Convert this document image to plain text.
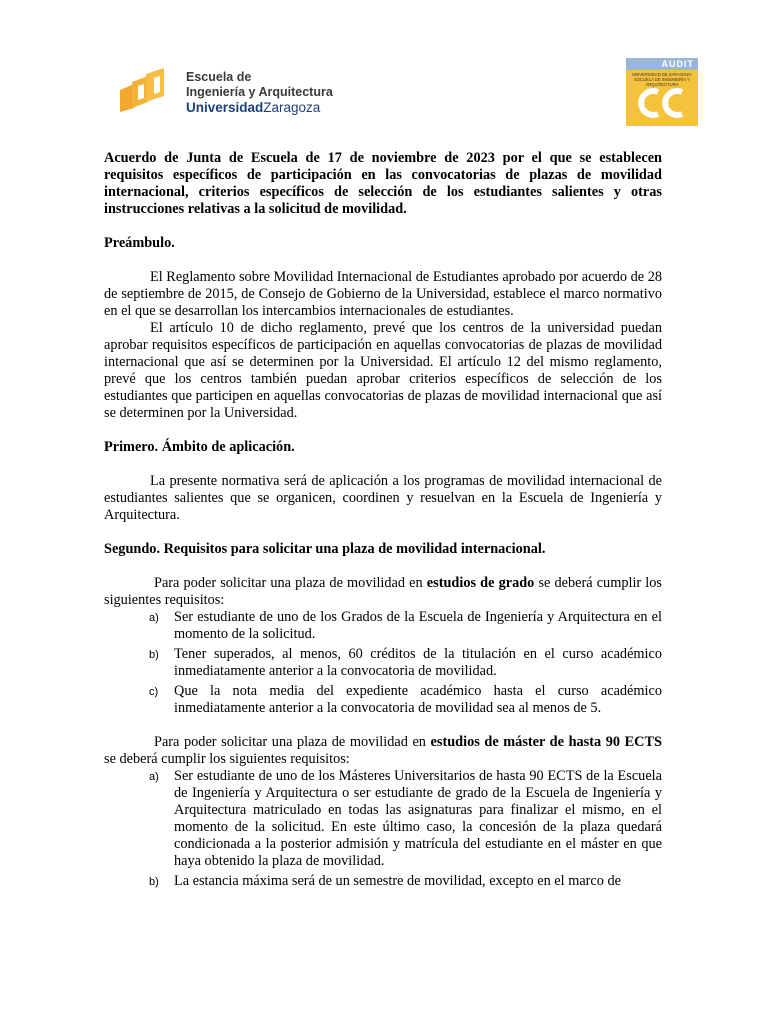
Escuela de
Ingeniería y Arquitectura
UniversidadZaragoza
AUDIT
UNIVERSIDAD DE ZARAGOZA ESCUELA DE INGENIERÍA Y ARQUITECTURA

Acuerdo de Junta de Escuela de 17 de noviembre de 2023 por el que se establecen requisitos específicos de participación en las convocatorias de plazas de movilidad internacional, criterios específicos de selección de los estudiantes salientes y otras instrucciones relativas a la solicitud de movilidad.

Preámbulo.

El Reglamento sobre Movilidad Internacional de Estudiantes aprobado por acuerdo de 28 de septiembre de 2015, de Consejo de Gobierno de la Universidad, establece el marco normativo en el que se desarrollan los intercambios internacionales de estudiantes.

El artículo 10 de dicho reglamento, prevé que los centros de la universidad puedan aprobar requisitos específicos de participación en aquellas convocatorias de plazas de movilidad internacional que así se determinen por la Universidad. El artículo 12 del mismo reglamento, prevé que los centros también puedan aprobar criterios específicos de selección de los estudiantes que participen en aquellas convocatorias de plazas de movilidad internacional que así se determinen por la Universidad.

Primero. Ámbito de aplicación.

La presente normativa será de aplicación a los programas de movilidad internacional de estudiantes salientes que se organicen, coordinen y resuelvan en la Escuela de Ingeniería y Arquitectura.

Segundo. Requisitos para solicitar una plaza de movilidad internacional.

Para poder solicitar una plaza de movilidad en estudios de grado se deberá cumplir los siguientes requisitos:

a) Ser estudiante de uno de los Grados de la Escuela de Ingeniería y Arquitectura en el momento de la solicitud.
b) Tener superados, al menos, 60 créditos de la titulación en el curso académico inmediatamente anterior a la convocatoria de movilidad.
c) Que la nota media del expediente académico hasta el curso académico inmediatamente anterior a la convocatoria de movilidad sea al menos de 5.

Para poder solicitar una plaza de movilidad en estudios de máster de hasta 90 ECTS se deberá cumplir los siguientes requisitos:

a) Ser estudiante de uno de los Másteres Universitarios de hasta 90 ECTS de la Escuela de Ingeniería y Arquitectura o ser estudiante de grado de la Escuela de Ingeniería y Arquitectura matriculado en todas las asignaturas para finalizar el mismo, en el momento de la solicitud. En este último caso, la concesión de la plaza quedará condicionada a la posterior admisión y matrícula del estudiante en el máster en que haya obtenido la plaza de movilidad.
b) La estancia máxima será de un semestre de movilidad, excepto en el marco de
